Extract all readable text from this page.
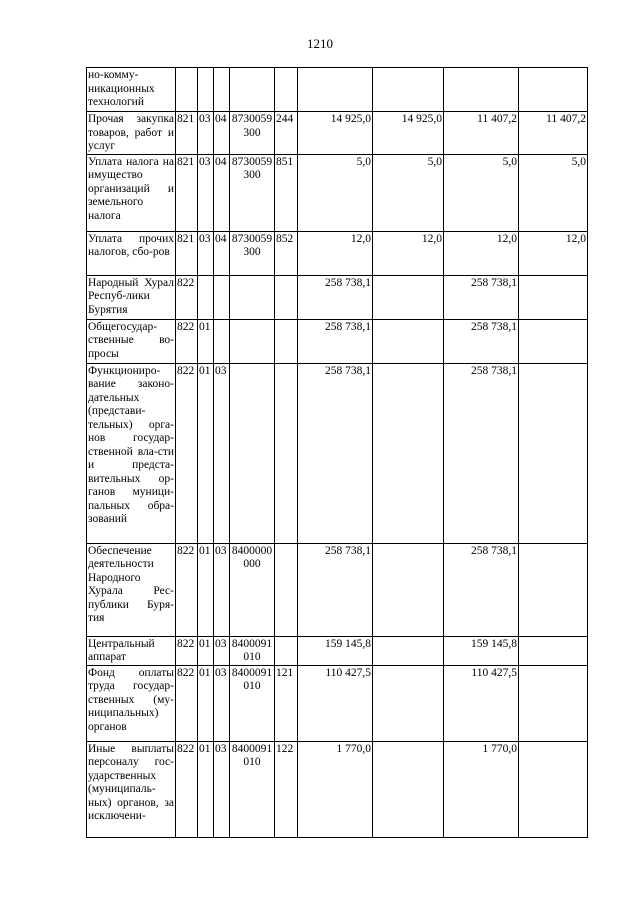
1210
но-комму-никационных технологий									
Прочая закупка товаров, работ и услуг	821	03	04	8730059300	244	14 925,0	14 925,0	11 407,2	11 407,2
Уплата налога на имущество организаций и земельного налога	821	03	04	8730059300	851	5,0	5,0	5,0	5,0
Уплата прочих налогов, сбо-ров	821	03	04	8730059300	852	12,0	12,0	12,0	12,0
Народный Хурал Респуб-лики Бурятия	822					258 738,1		258 738,1	
Общегосудар-ственные во-просы	822	01				258 738,1		258 738,1	
Функциониро-вание законо-дательных (представи-тельных) орга-нов государ-ственной вла-сти и предста-вительных ор-ганов муници-пальных обра-зований	822	01	03			258 738,1		258 738,1	
Обеспечение деятельности Народного Хурала Рес-публики Буря-тия	822	01	03	8400000000		258 738,1		258 738,1	
Центральный аппарат	822	01	03	8400091010		159 145,8		159 145,8	
Фонд оплаты труда государ-ственных (му-ниципальных) органов	822	01	03	8400091010	121	110 427,5		110 427,5	
Иные выплаты персоналу гос-ударственных (муниципаль-ных) органов, за исключени-	822	01	03	8400091010	122	1 770,0		1 770,0	
